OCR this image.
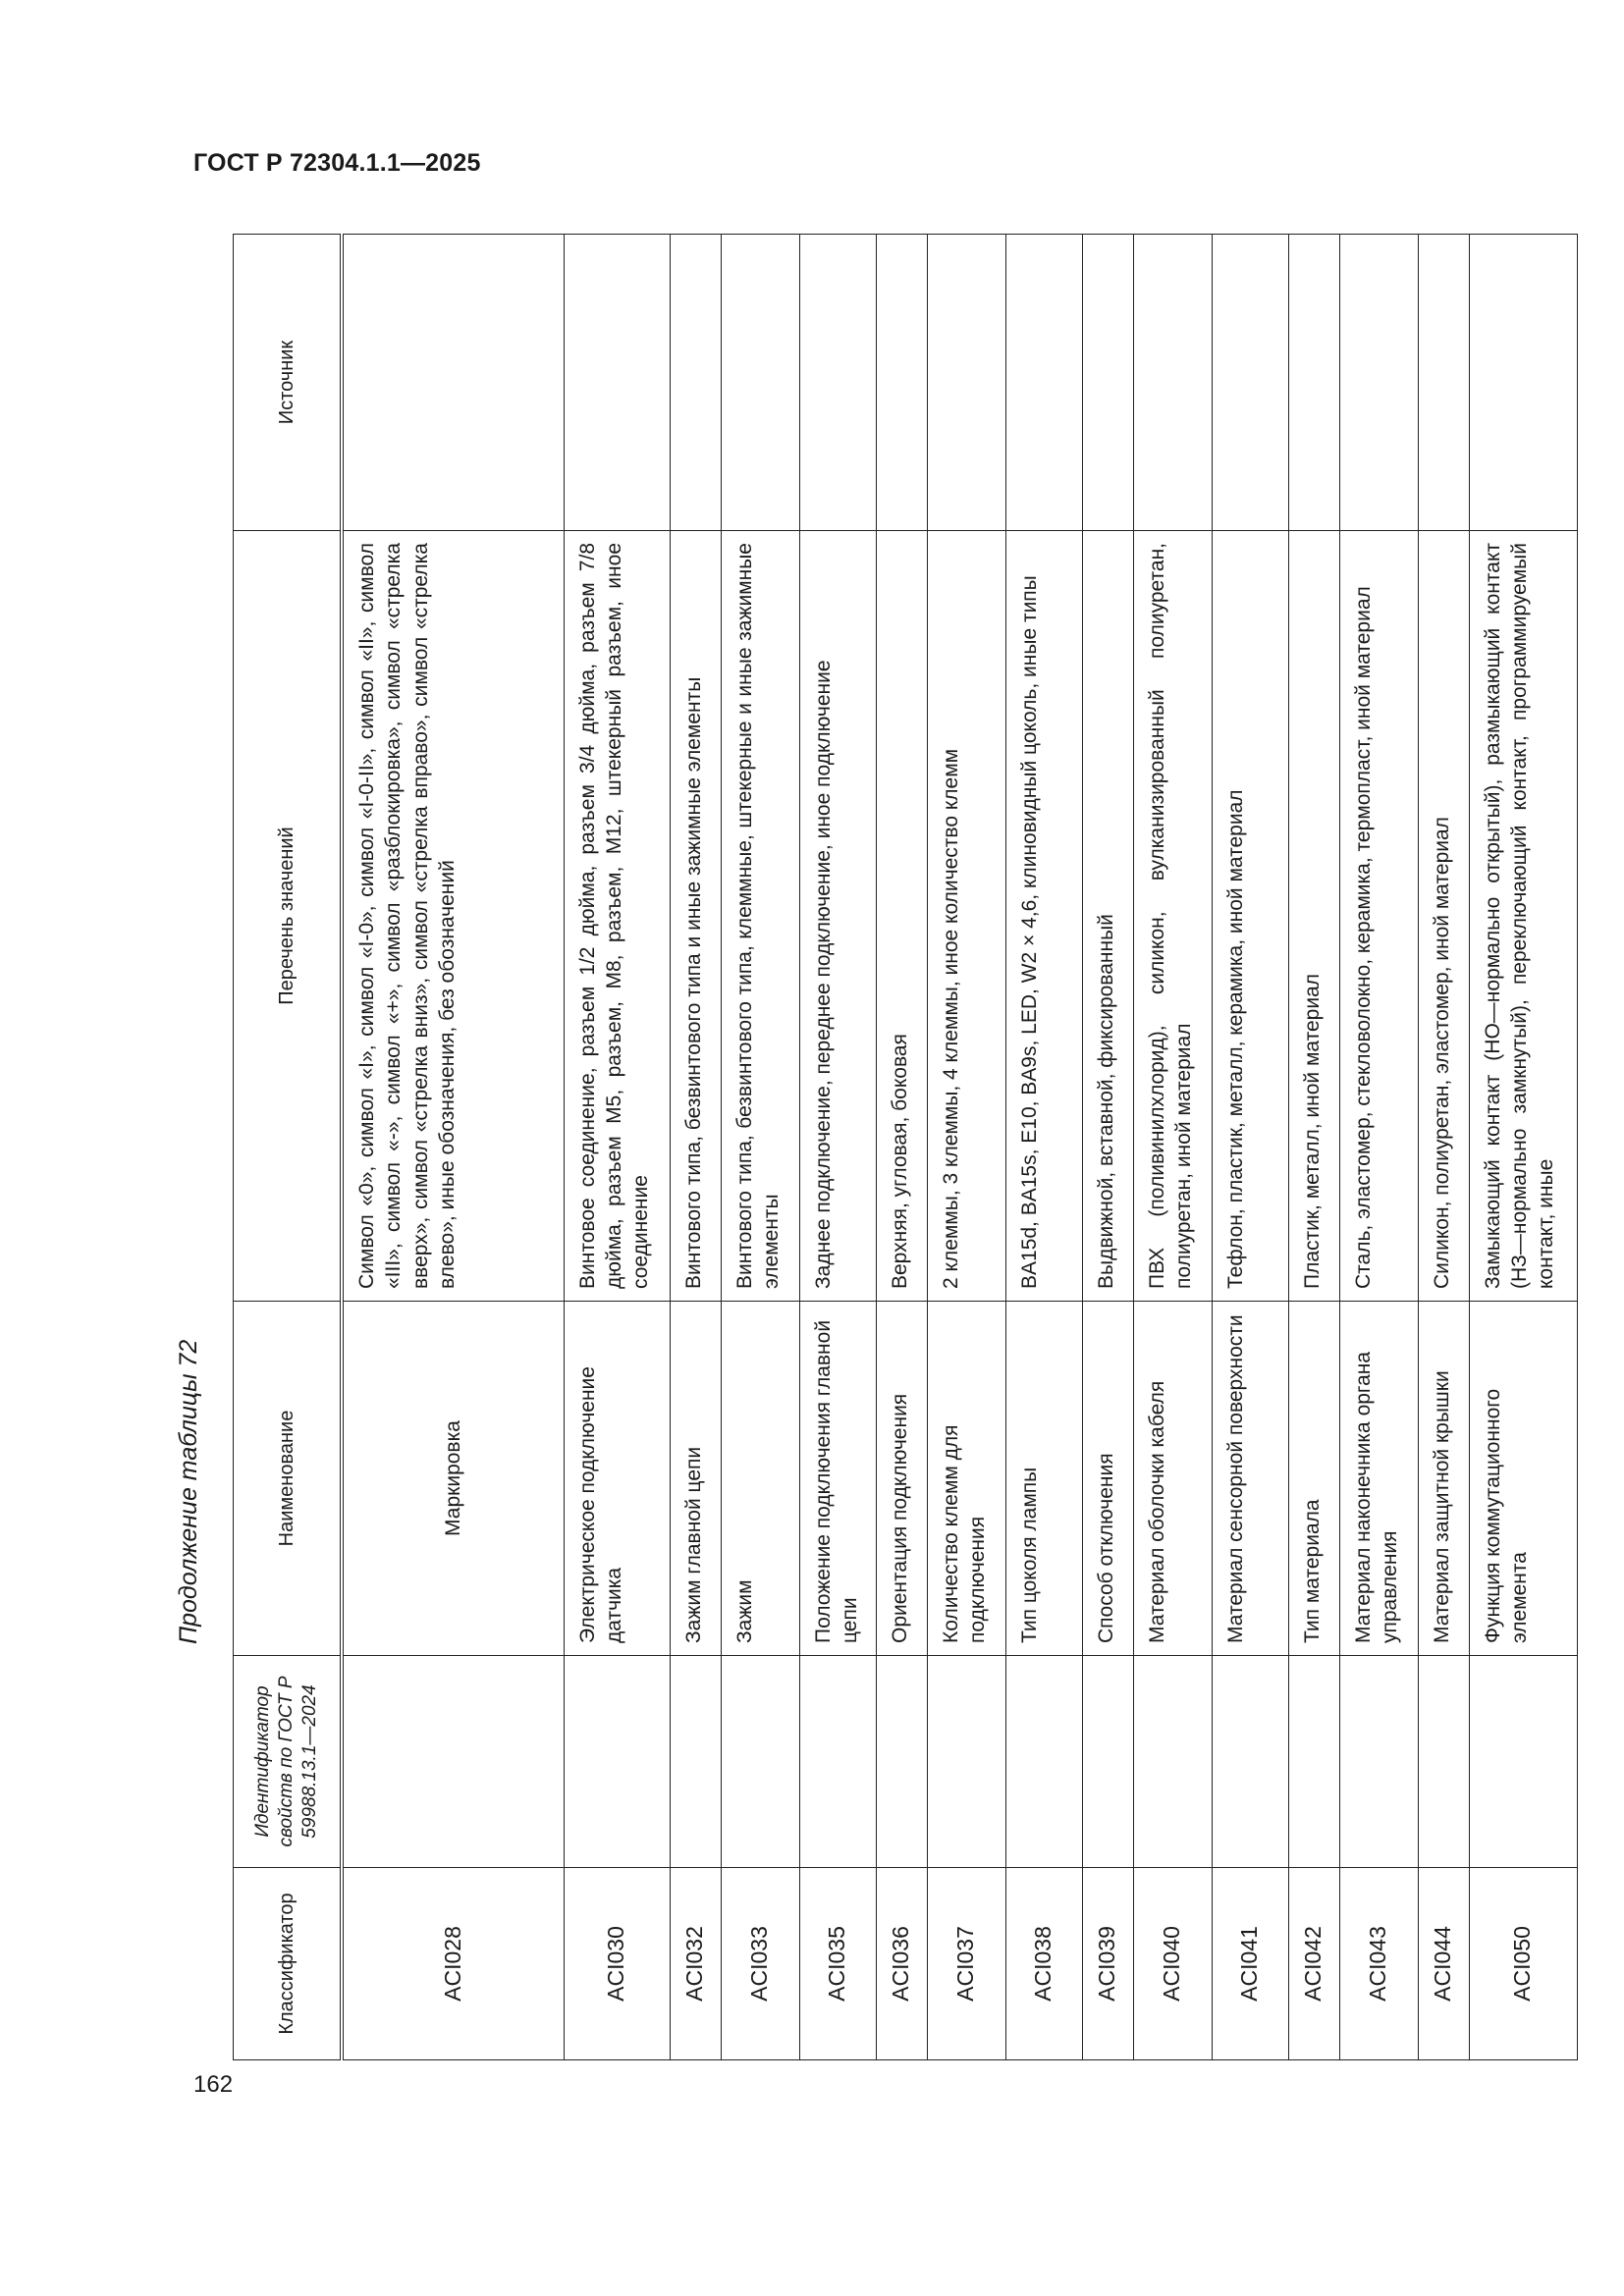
ГОСТ Р 72304.1.1—2025
Продолжение таблицы 72
Классификатор	Идентификатор свойств по ГОСТ Р 59988.13.1—2024	Наименование	Перечень значений	Источник
ACI028		Маркировка	Символ «0», символ «I», символ «I-0», символ «I-0-II», символ «II», символ «III», символ «-», символ «+», символ «разблокировка», символ «стрелка вверх», символ «стрелка вниз», символ «стрелка вправо», символ «стрелка влево», иные обозначения, без обозначений	
ACI030		Электрическое подключение датчика	Винтовое соединение, разъем 1/2 дюйма, разъем 3/4 дюйма, разъем 7/8 дюйма, разъем M5, разъем, M8, разъем, M12, штекерный разъем, иное соединение	
ACI032		Зажим главной цепи	Винтового типа, безвинтового типа и иные зажимные элементы	
ACI033		Зажим	Винтового типа, безвинтового типа, клеммные, штекерные и иные зажимные элементы	
ACI035		Положение подключения главной цепи	Заднее подключение, переднее подключение, иное подключение	
ACI036		Ориентация подключения	Верхняя, угловая, боковая	
ACI037		Количество клемм для подключения	2 клеммы, 3 клеммы, 4 клеммы, иное количество клемм	
ACI038		Тип цоколя лампы	BA15d, BA15s, E10, BA9s, LED, W2 × 4,6, клиновидный цоколь, иные типы	
ACI039		Способ отключения	Выдвижной, вставной, фиксированный	
ACI040		Материал оболочки кабеля	ПВХ (поливинилхлорид), силикон, вулканизированный полиуретан, полиуретан, иной материал	
ACI041		Материал сенсорной поверхности	Тефлон, пластик, металл, керамика, иной материал	
ACI042		Тип материала	Пластик, металл, иной материал	
ACI043		Материал наконечника органа управления	Сталь, эластомер, стекловолокно, керамика, термопласт, иной материал	
ACI044		Материал защитной крышки	Силикон, полиуретан, эластомер, иной материал	
ACI050		Функция коммутационного элемента	Замыкающий контакт (НО—нормально открытый), размыкающий контакт (НЗ—нормально замкнутый), переключающий контакт, программируемый контакт, иные	
162
